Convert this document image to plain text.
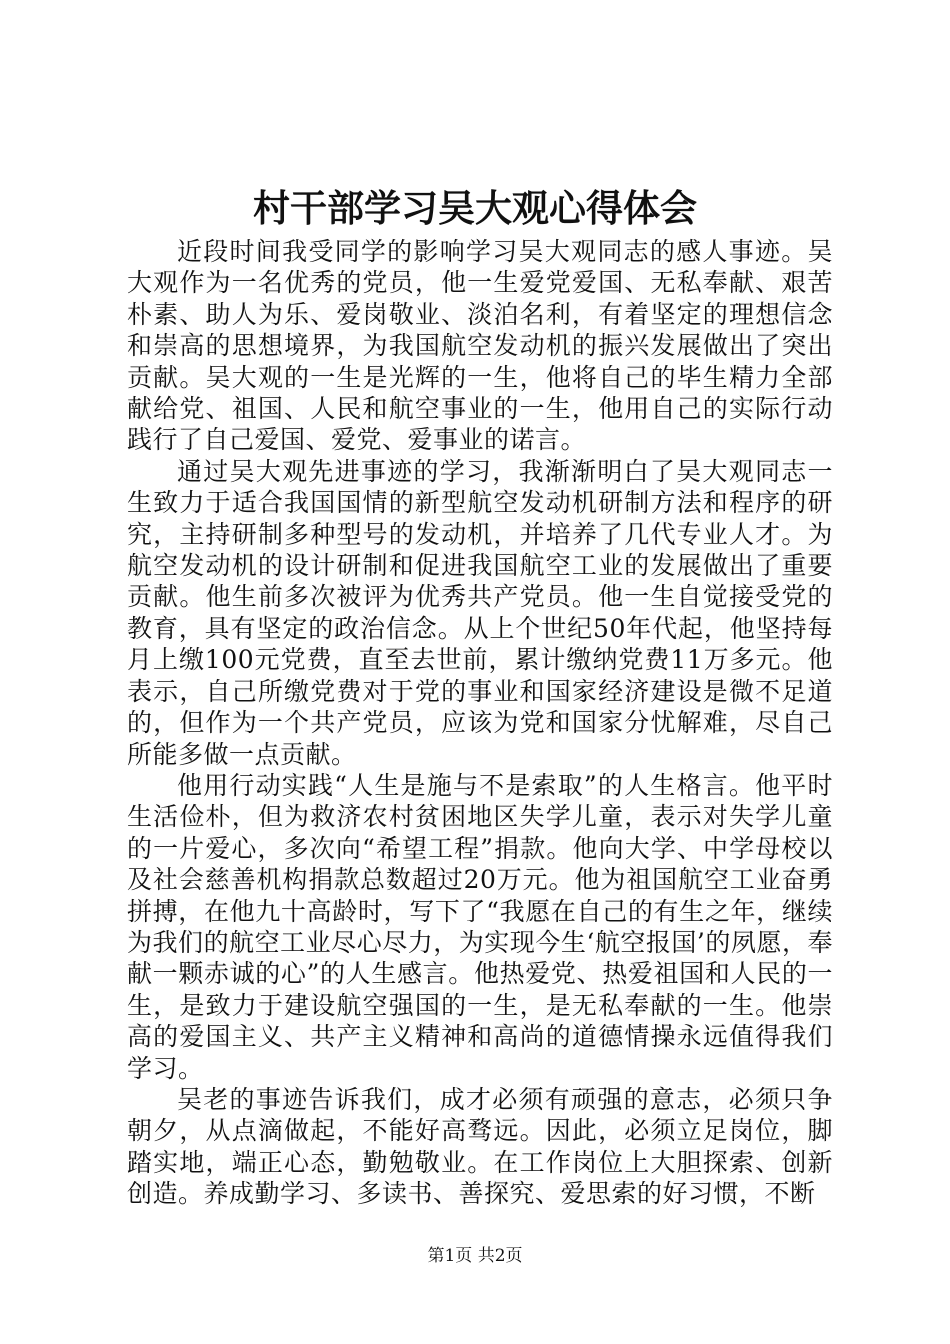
村干部学习吴大观心得体会

近段时间我受同学的影响学习吴大观同志的感人事迹。吴大观作为一名优秀的党员，他一生爱党爱国、无私奉献、艰苦朴素、助人为乐、爱岗敬业、淡泊名利，有着坚定的理想信念和崇高的思想境界，为我国航空发动机的振兴发展做出了突出贡献。吴大观的一生是光辉的一生，他将自己的毕生精力全部献给党、祖国、人民和航空事业的一生，他用自己的实际行动践行了自己爱国、爱党、爱事业的诺言。

通过吴大观先进事迹的学习，我渐渐明白了吴大观同志一生致力于适合我国国情的新型航空发动机研制方法和程序的研究，主持研制多种型号的发动机，并培养了几代专业人才。为航空发动机的设计研制和促进我国航空工业的发展做出了重要贡献。他生前多次被评为优秀共产党员。他一生自觉接受党的教育，具有坚定的政治信念。从上个世纪50年代起，他坚持每月上缴100元党费，直至去世前，累计缴纳党费11万多元。他表示，自己所缴党费对于党的事业和国家经济建设是微不足道的，但作为一个共产党员，应该为党和国家分忧解难，尽自己所能多做一点贡献。

他用行动实践“人生是施与不是索取”的人生格言。他平时生活俭朴，但为救济农村贫困地区失学儿童，表示对失学儿童的一片爱心，多次向“希望工程”捐款。他向大学、中学母校以及社会慈善机构捐款总数超过20万元。他为祖国航空工业奋勇拼搏，在他九十高龄时，写下了“我愿在自己的有生之年，继续为我们的航空工业尽心尽力，为实现今生‘航空报国’的夙愿，奉献一颗赤诚的心”的人生感言。他热爱党、热爱祖国和人民的一生，是致力于建设航空强国的一生，是无私奉献的一生。他崇高的爱国主义、共产主义精神和高尚的道德情操永远值得我们学习。

吴老的事迹告诉我们，成才必须有顽强的意志，必须只争朝夕，从点滴做起，不能好高骛远。因此，必须立足岗位，脚踏实地，端正心态，勤勉敬业。在工作岗位上大胆探索、创新创造。养成勤学习、多读书、善探究、爱思索的好习惯，不断

第1页 共2页
